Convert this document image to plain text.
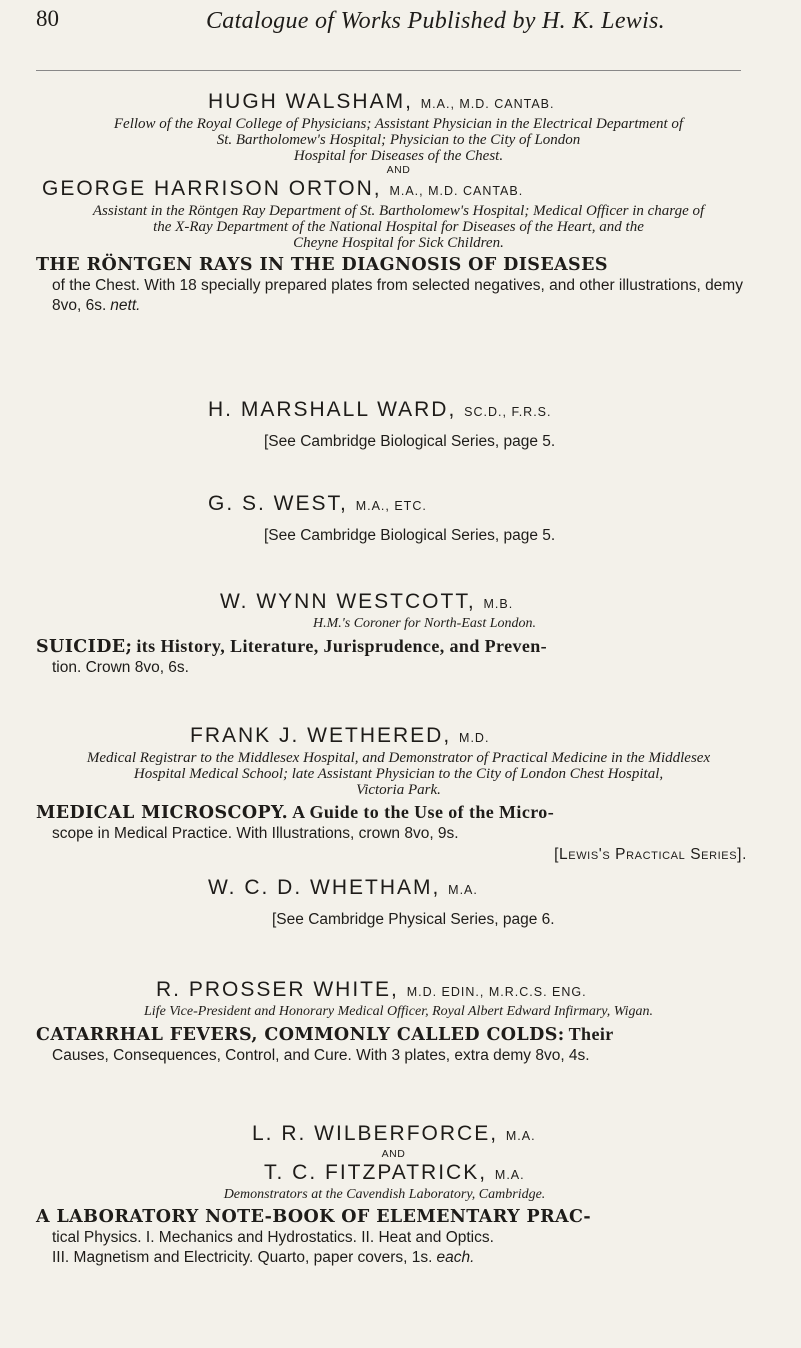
80	Catalogue of Works Published by H. K. Lewis.
HUGH WALSHAM, M.A., M.D. CANTAB.
Fellow of the Royal College of Physicians; Assistant Physician in the Electrical Department of
St. Bartholomew's Hospital; Physician to the City of London
Hospital for Diseases of the Chest.
AND
GEORGE HARRISON ORTON, M.A., M.D. CANTAB.
Assistant in the Röntgen Ray Department of St. Bartholomew's Hospital; Medical Officer in charge of
the X-Ray Department of the National Hospital for Diseases of the Heart, and the
Cheyne Hospital for Sick Children.
THE RÖNTGEN RAYS IN THE DIAGNOSIS OF DISEASES
of the Chest. With 18 specially prepared plates from selected negatives, and other illustrations, demy 8vo, 6s. nett.
H. MARSHALL WARD, SC.D., F.R.S.
[See Cambridge Biological Series, page 5.
G. S. WEST, M.A., ETC.
[See Cambridge Biological Series, page 5.
W. WYNN WESTCOTT, M.B.
H.M.'s Coroner for North-East London.
SUICIDE; its History, Literature, Jurisprudence, and Preven-
tion. Crown 8vo, 6s.
FRANK J. WETHERED, M.D.
Medical Registrar to the Middlesex Hospital, and Demonstrator of Practical Medicine in the Middlesex
Hospital Medical School; late Assistant Physician to the City of London Chest Hospital,
Victoria Park.
MEDICAL MICROSCOPY. A Guide to the Use of the Micro-
scope in Medical Practice. With Illustrations, crown 8vo, 9s.
[Lewis's Practical Series].
W. C. D. WHETHAM, M.A.
[See Cambridge Physical Series, page 6.
R. PROSSER WHITE, M.D. EDIN., M.R.C.S. ENG.
Life Vice-President and Honorary Medical Officer, Royal Albert Edward Infirmary, Wigan.
CATARRHAL FEVERS, COMMONLY CALLED COLDS: Their
Causes, Consequences, Control, and Cure. With 3 plates, extra demy 8vo, 4s.
L. R. WILBERFORCE, M.A.
AND
T. C. FITZPATRICK, M.A.
Demonstrators at the Cavendish Laboratory, Cambridge.
A LABORATORY NOTE-BOOK OF ELEMENTARY PRAC-
tical Physics. I. Mechanics and Hydrostatics. II. Heat and Optics.
III. Magnetism and Electricity. Quarto, paper covers, 1s. each.
